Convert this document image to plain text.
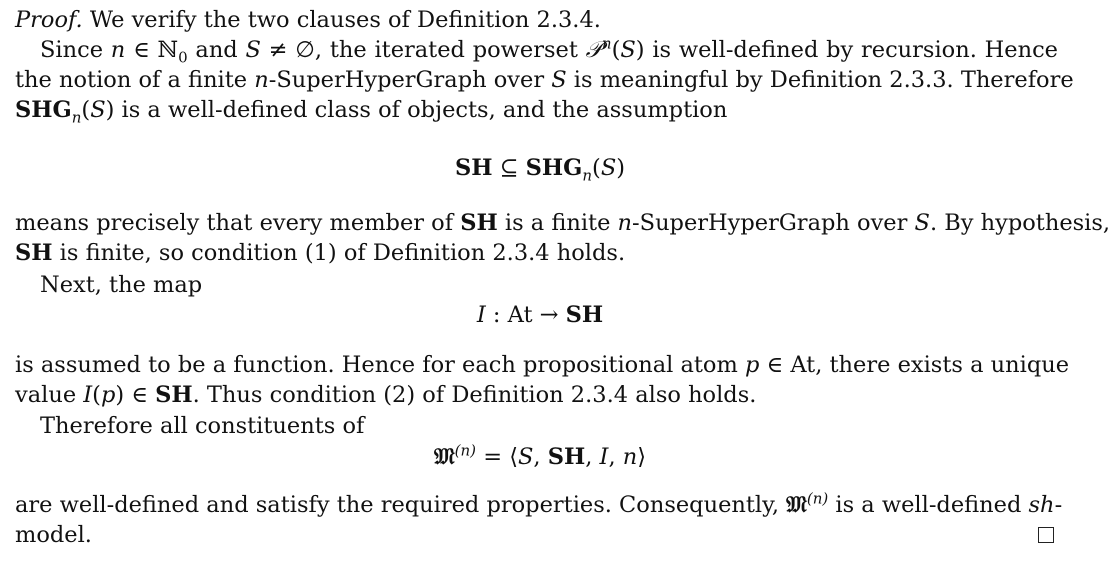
Proof. We verify the two clauses of Definition 2.3.4.
Since n ∈ ℕ$_0$ and S ≠ ∅, the iterated powerset 𝒫$^n$(S) is well-defined by recursion. Hence
the notion of a finite n-SuperHyperGraph over S is meaningful by Definition 2.3.3. Therefore
$SHG_n(S)$ is a well-defined class of objects, and the assumption
SH ⊆ $SHG_n(S)$
means precisely that every member of SH is a finite n-SuperHyperGraph over S. By hypothesis,
SH is finite, so condition (1) of Definition 2.3.4 holds.
Next, the map
I : At → SH
is assumed to be a function. Hence for each propositional atom p ∈ At, there exists a unique
value I(p) ∈ SH. Thus condition (2) of Definition 2.3.4 also holds.
Therefore all constituents of
𝔐$^{(n)}$ = ⟨S, SH, I, n⟩
are well-defined and satisfy the required properties. Consequently, 𝔐$^{(n)}$ is a well-defined sh-
model.
